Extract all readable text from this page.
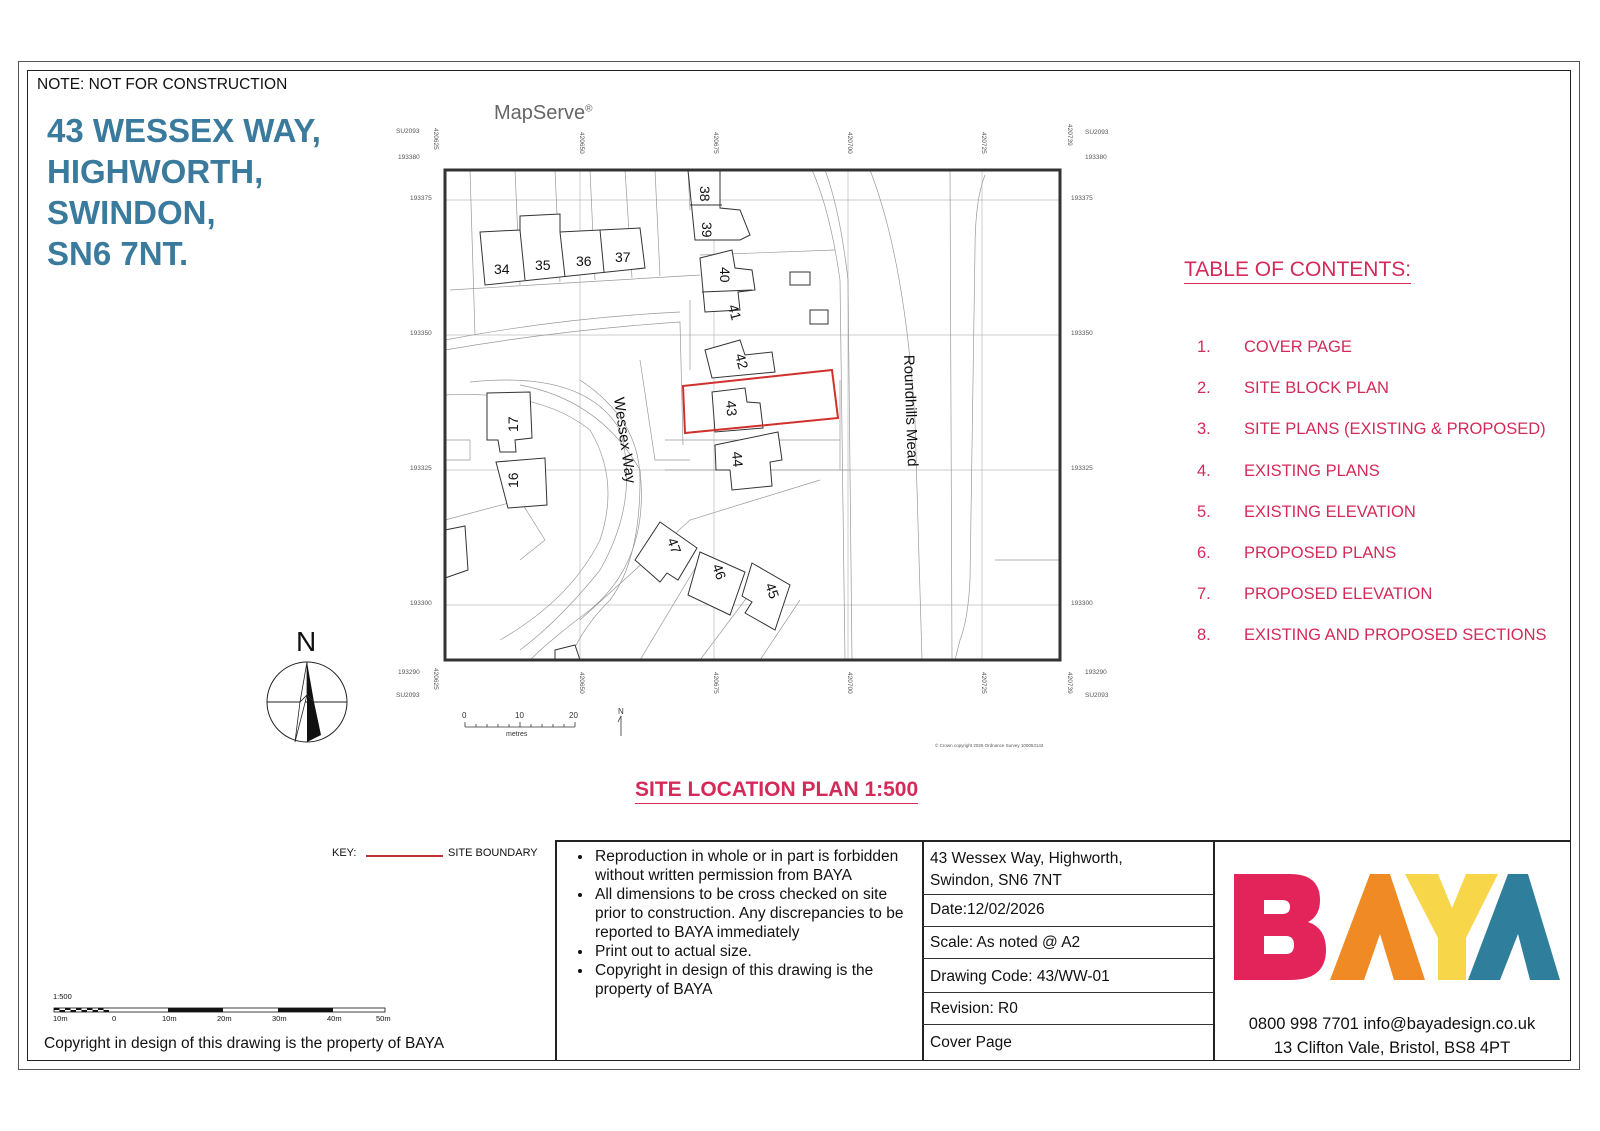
NOTE: NOT FOR CONSTRUCTION
43 WESSEX WAY,
HIGHWORTH,
SWINDON,
SN6 7NT.
MapServe®
420625	420650	420675	420700	420725	420739
420625	420650	420675	420700	420725	420739
SU2093	SU2093
SU2093	SU2093
193380
193375
193350
193325
193300
193290
193380
193375
193350
193325
193300
193290
34 35 36 37
38
39
40
41
42
43
44
45
46
47
17
16	Wessex Way	Roundhills Mead
0	10	20
metres
N
© Crown copyright 2026 Ordnance Survey 100053143
N
TABLE OF CONTENTS:
1.	COVER PAGE
2.	SITE BLOCK PLAN
3.	SITE PLANS (EXISTING & PROPOSED)
4.	EXISTING PLANS
5.	EXISTING ELEVATION
6.	PROPOSED PLANS
7.	PROPOSED ELEVATION
8.	EXISTING AND PROPOSED SECTIONS
SITE LOCATION PLAN 1:500
KEY:	SITE BOUNDARY
1:500
10m	0	10m	20m	30m	40m	50m
Copyright in design of this drawing is the property of BAYA
• Reproduction in whole or in part is forbidden without written permission from BAYA
• All dimensions to be cross checked on site prior to construction. Any discrepancies to be reported to BAYA immediately
• Print out to actual size.
• Copyright in design of this drawing is the property of BAYA
43 Wessex Way, Highworth,
Swindon, SN6 7NT
Date:12/02/2026
Scale: As noted @ A2
Drawing Code: 43/WW-01
Revision: R0
Cover Page
0800 998 7701 info@bayadesign.co.uk
13 Clifton Vale, Bristol, BS8 4PT
